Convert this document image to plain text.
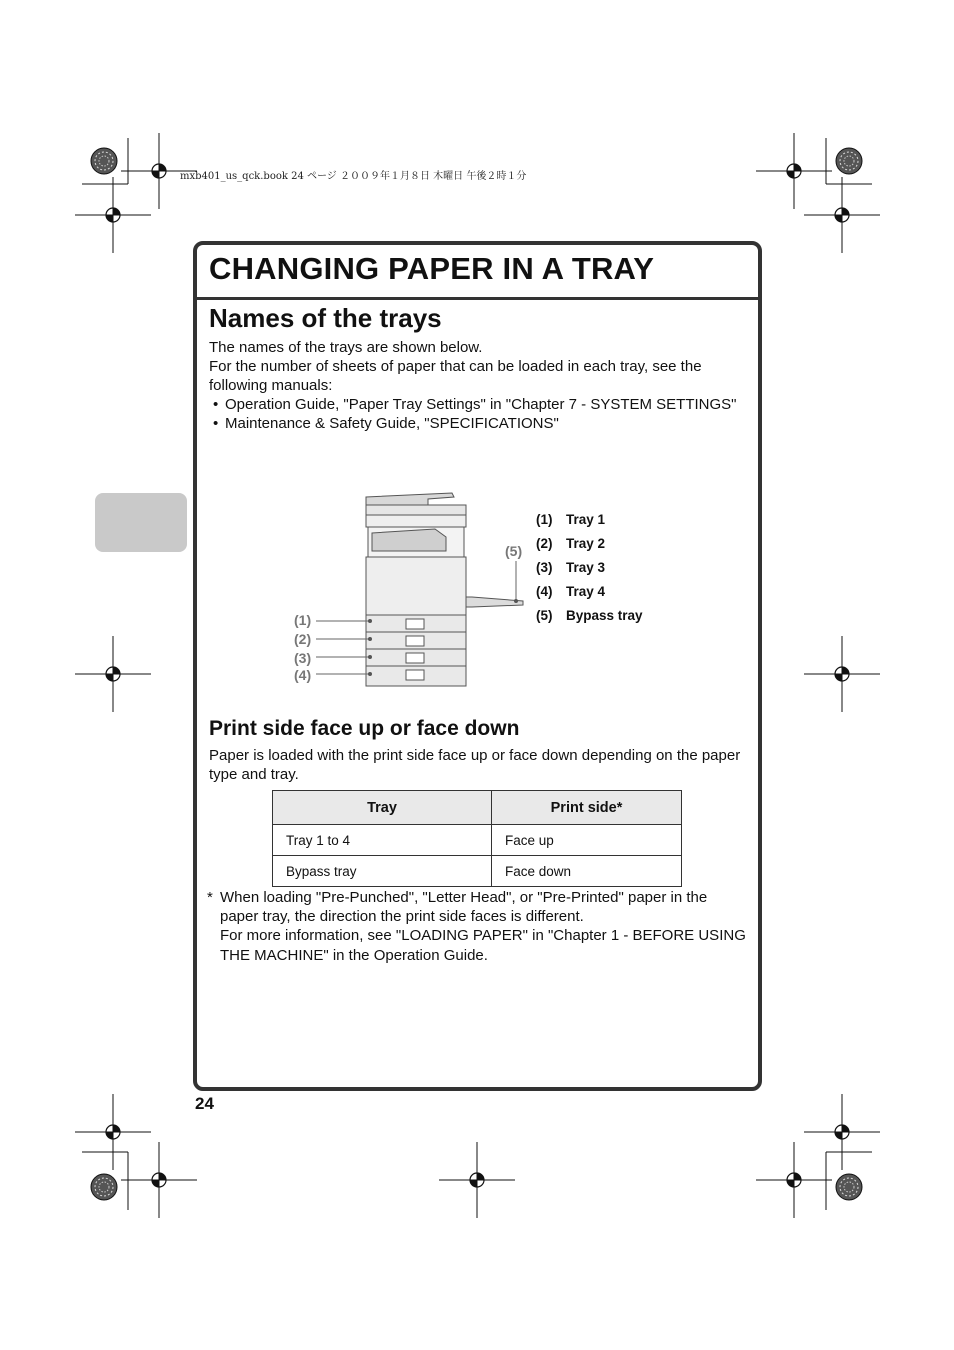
mxb401_us_qck.book 24 ページ ２００９年１月８日 木曜日 午後２時１分
CHANGING PAPER IN A TRAY
Names of the trays

The names of the trays are shown below.

For the number of sheets of paper that can be loaded in each tray, see the following manuals:

• Operation Guide, "Paper Tray Settings" in "Chapter 7 - SYSTEM SETTINGS"
• Maintenance & Safety Guide, "SPECIFICATIONS"
(1)
(2)
(3)
(4)
(5)
(1)	Tray 1
(2)	Tray 2
(3)	Tray 3
(4)	Tray 4
(5)	Bypass tray
Print side face up or face down

Paper is loaded with the print side face up or face down depending on the paper type and tray.

Tray	Print side*
Tray 1 to 4	Face up
Bypass tray	Face down
* When loading "Pre-Punched", "Letter Head", or "Pre-Printed" paper in the paper tray, the direction the print side faces is different.

For more information, see "LOADING PAPER" in "Chapter 1 - BEFORE USING THE MACHINE" in the Operation Guide.

24
